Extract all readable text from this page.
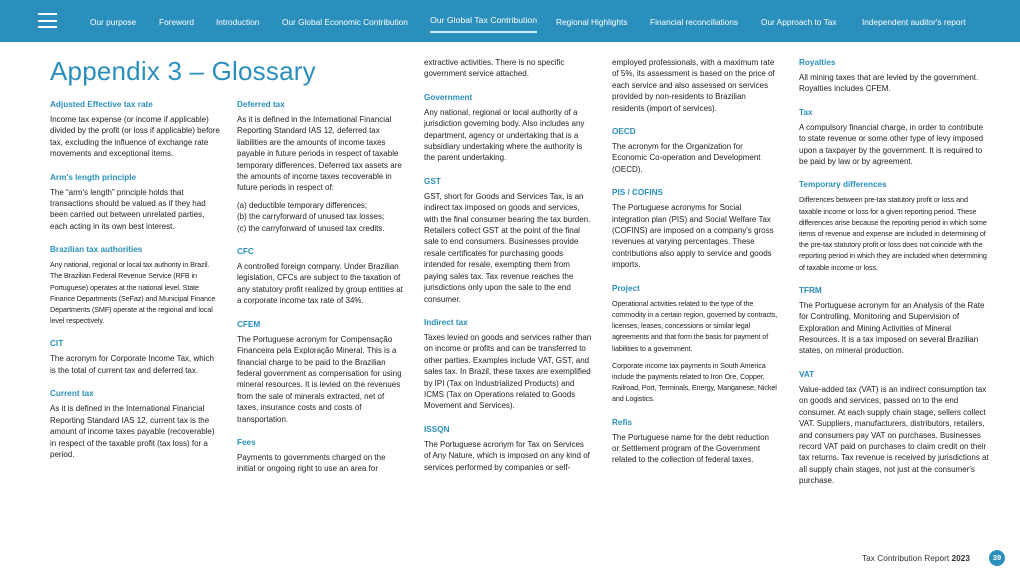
Our purpose	Foreword	Introduction	Our Global Economic Contribution	Our Global Tax Contribution Regional Highlights	Financial reconciliations	Our Approach to Tax	Independent auditor's report
Appendix 3 – Glossary
Adjusted Effective tax rate
Income tax expense (or income if applicable) divided by the profit (or loss if applicable) before tax, excluding the influence of exchange rate movements and exceptional items.
Arm's length principle
The “arm's length” principle holds that transactions should be valued as if they had been carried out between unrelated parties, each acting in its own best interest.
Brazilian tax authorities
Any national, regional or local tax authority in Brazil. The Brazilian Federal Revenue Service (RFB in Portuguese) operates at the national level. State Finance Departments (SeFaz) and Municipal Finance Departments (SMF) operate at the regional and local level respectively.
CIT
The acronym for Corporate Income Tax, which is the total of current tax and deferred tax.
Current tax
As it is defined in the International Financial Reporting Standard IAS 12, current tax is the amount of income taxes payable (recoverable) in respect of the taxable profit (tax loss) for a period.
Deferred tax
As it is defined in the International Financial Reporting Standard IAS 12, deferred tax liabilities are the amounts of income taxes payable in future periods in respect of taxable temporary differences. Deferred tax assets are the amounts of income taxes recoverable in future periods in respect of:
(a) deductible temporary differences;
(b) the carryforward of unused tax losses;
(c) the carryforward of unused tax credits.
CFC
A controlled foreign company. Under Brazilian legislation, CFCs are subject to the taxation of any statutory profit realized by group entities at a corporate income tax rate of 34%.
CFEM
The Portuguese acronym for Compensação Financeira pela Exploração Mineral. This is a financial charge to be paid to the Brazilian federal government as compensation for using mineral resources. It is levied on the revenues from the sale of minerals extracted, net of taxes, insurance costs and costs of transportation.
Fees
Payments to governments charged on the initial or ongoing right to use an area for
extractive activities. There is no specific government service attached.
Government
Any national, regional or local authority of a jurisdiction governing body. Also includes any department, agency or undertaking that is a subsidiary undertaking where the authority is the parent undertaking.
GST
GST, short for Goods and Services Tax, is an indirect tax imposed on goods and services, with the final consumer bearing the tax burden. Retailers collect GST at the point of the final sale to end consumers. Businesses provide resale certificates for purchasing goods intended for resale, exempting them from paying sales tax. Tax revenue reaches the jurisdictions only upon the sale to the end consumer.
Indirect tax
Taxes levied on goods and services rather than on income or profits and can be transferred to other parties. Examples include VAT, GST, and sales tax. In Brazil, these taxes are exemplified by IPI (Tax on Industrialized Products) and ICMS (Tax on Operations related to Goods Movement and Services).
ISSQN
The Portuguese acronym for Tax on Services of Any Nature, which is imposed on any kind of services performed by companies or self-
employed professionals, with a maximum rate of 5%, its assessment is based on the price of each service and also assessed on services provided by non-residents to Brazilian residents (import of services).
OECD
The acronym for the Organization for Economic Co-operation and Development (OECD).
PIS / COFINS
The Portuguese acronyms for Social integration plan (PIS) and Social Welfare Tax (COFINS) are imposed on a company's gross revenues at varying percentages. These contributions also apply to service and goods imports.
Project
Operational activities related to the type of the commodity in a certain region, governed by contracts, licenses, leases, concessions or similar legal agreements and that form the basis for payment of liabilities to a government.
Corporate income tax payments in South America include the payments related to Iron Ore, Copper, Railroad, Port, Terminals, Energy, Manganese, Nickel and Logistics.
Refis
The Portuguese name for the debt reduction or Settlement program of the Government related to the collection of federal taxes.
Royalties
All mining taxes that are levied by the government. Royalties includes CFEM.
Tax
A compulsory financial charge, in order to contribute to state revenue or some other type of levy imposed upon a taxpayer by the government. It is required to be paid by law or by agreement.
Temporary differences
Differences between pre-tax statutory profit or loss and taxable income or loss for a given reporting period. These differences arise because the reporting period in which some items of revenue and expense are included in determining of the pre-tax statutory profit or loss does not coincide with the reporting period in which they are included when determining of taxable income or loss.
TFRM
The Portuguese acronym for an Analysis of the Rate for Controlling, Monitoring and Supervision of Exploration and Mining Activities of Mineral Resources. It is a tax imposed on several Brazilian states, on mineral production.
VAT
Value-added tax (VAT) is an indirect consumption tax on goods and services, passed on to the end consumer. At each supply chain stage, sellers collect VAT. Suppliers, manufacturers, distributors, retailers, and consumers pay VAT on purchases. Businesses record VAT paid on purchases to claim credit on their tax returns. Tax revenue is received by jurisdictions at all supply chain stages, not just at the consumer's purchase.
Tax Contribution Report 2023	39
